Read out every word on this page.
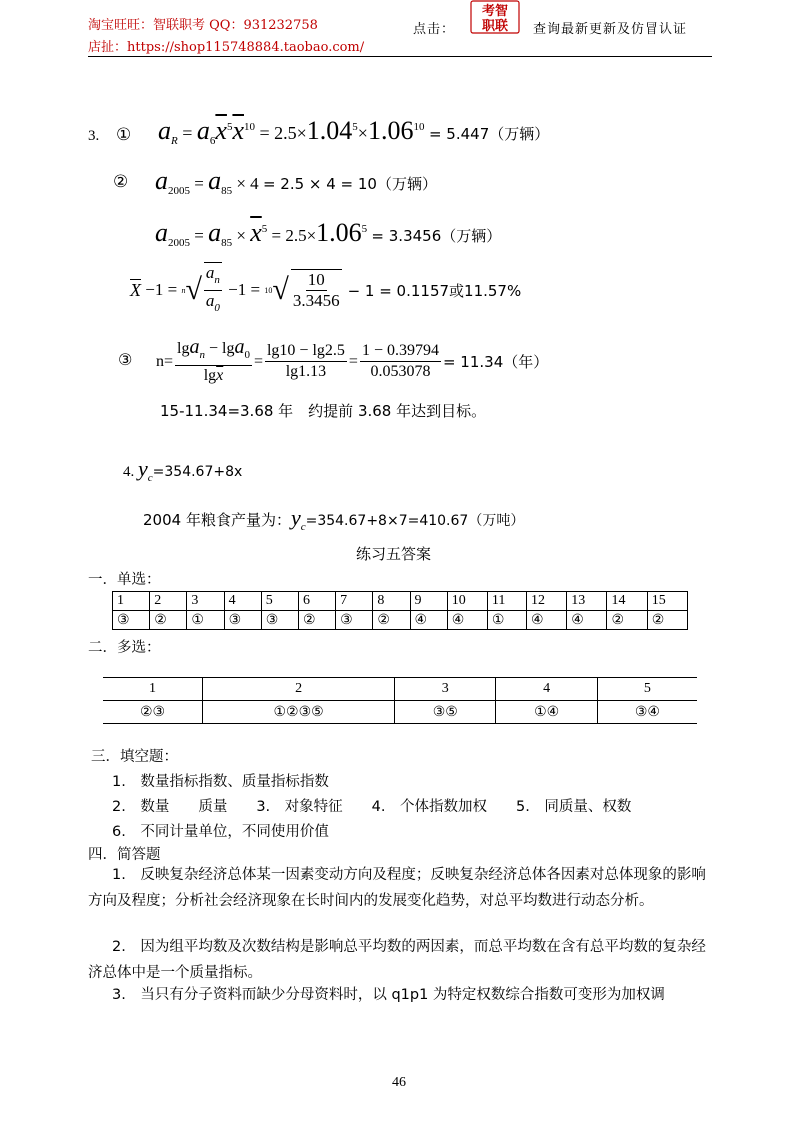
淘宝旺旺：智联职考 QQ：931232758
店扯：https://shop115748884.taobao.com/
点击：
考智
职联 查询最新更新及仿冒认证
3. ① $a_R = a_6\overline{x}^5\overline{x}^{10} = 2.5\times 1.04^5\times 1.06^{10} = 5.447$（万辆）
② $a_{2005} = a_{85} \times 4 = 2.5 \times 4 = 10$（万辆）
$a_{2005} = a_{85} \times \overline{x}^5 = 2.5\times 1.06^5 = 3.3456$（万辆）
$\overline{X} -1 = n$ √ $\frac{a_n}{a_0} -1 = 10$ √ $\frac{10}{3.3456} - 1 = 0.1157$或11.57%
③ $n= \frac{\lg a_n - \lg a_0}{\lg\overline{x}} = \frac{\lg 10 - \lg 2.5}{\lg 1.13} = \frac{1 - 0.39794}{0.053078} = 11.34$（年）
15-11.34=3.68 年　约提前 3.68 年达到目标。
4. $y_c=354.67+8x$
2004 年粮食产量为：$y_c=354.67+8\times 7=410.67$（万吨）
练习五答案
一．单选：
1	2	3	4	5	6	7	8	9	10	11	12	13	14	15
③	②	①	③	③	②	③	②	④	④	①	④	④	②	②
二．多选：
1	2	3	4	5
②③	①②③⑤	③⑤	①④	③④
三．填空题：
1.　数量指标指数、质量指标指数
2.　数量　　质量　　3.　对象特征　　4.　个体指数加权　　5.　同质量、权数
6.　不同计量单位，不同使用价值
四．简答题
1.　反映复杂经济总体某一因素变动方向及程度；反映复杂经济总体各因素对总体现象的影响方向及程度；分析社会经济现象在长时间内的发展变化趋势，对总平均数进行动态分析。
2.　因为组平均数及次数结构是影响总平均数的两因素，而总平均数在含有总平均数的复杂经济总体中是一个质量指标。
3.　当只有分子资料而缺少分母资料时，以 q1p1 为特定权数综合指数可变形为加权调
46
